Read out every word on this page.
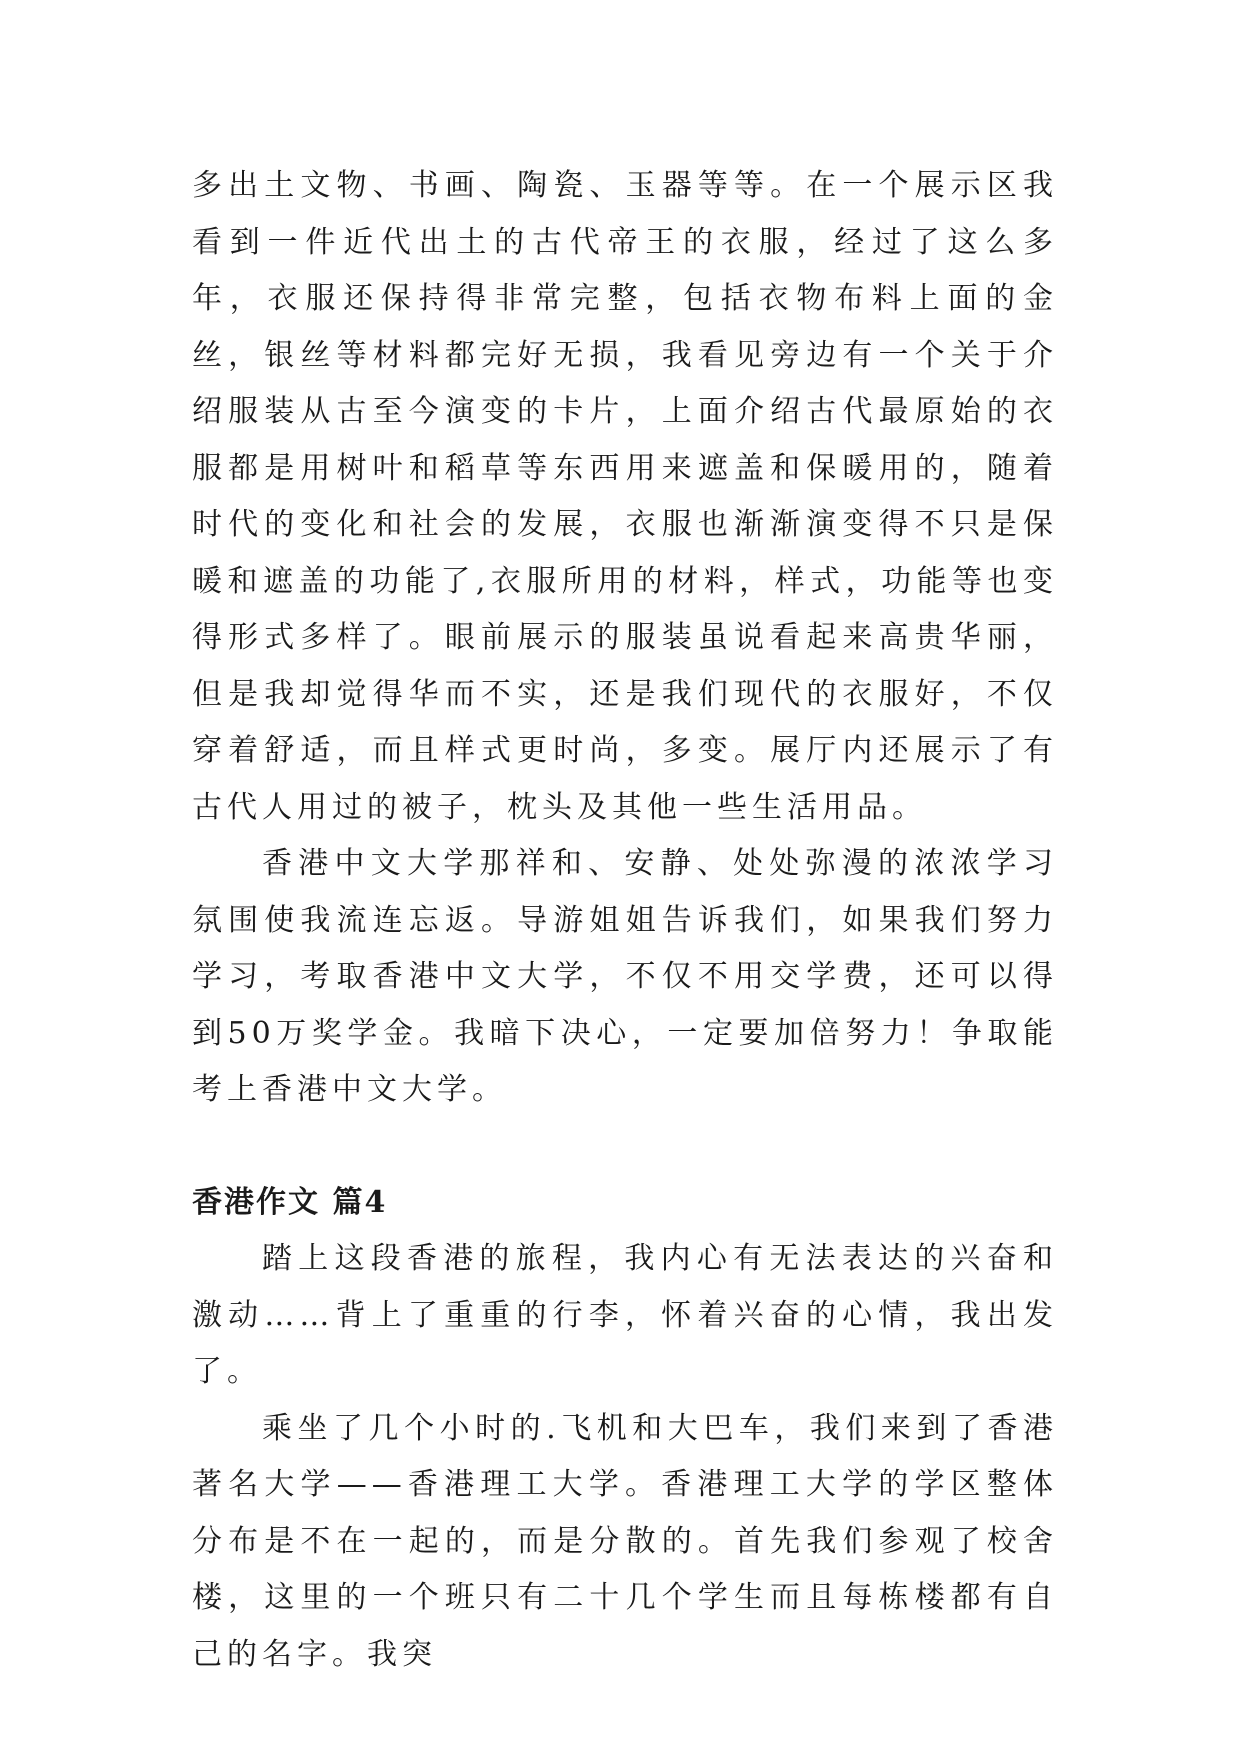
多出土文物、书画、陶瓷、玉器等等。在一个展示区我看到一件近代出土的古代帝王的衣服，经过了这么多年，衣服还保持得非常完整，包括衣物布料上面的金丝，银丝等材料都完好无损，我看见旁边有一个关于介绍服装从古至今演变的卡片，上面介绍古代最原始的衣服都是用树叶和稻草等东西用来遮盖和保暖用的，随着时代的变化和社会的发展，衣服也渐渐演变得不只是保暖和遮盖的功能了,衣服所用的材料，样式，功能等也变得形式多样了。眼前展示的服装虽说看起来高贵华丽，但是我却觉得华而不实，还是我们现代的衣服好，不仅穿着舒适，而且样式更时尚，多变。展厅内还展示了有古代人用过的被子，枕头及其他一些生活用品。

香港中文大学那祥和、安静、处处弥漫的浓浓学习氛围使我流连忘返。导游姐姐告诉我们，如果我们努力学习，考取香港中文大学，不仅不用交学费，还可以得到50万奖学金。我暗下决心，一定要加倍努力！争取能考上香港中文大学。

香港作文 篇4

踏上这段香港的旅程，我内心有无法表达的兴奋和激动……背上了重重的行李，怀着兴奋的心情，我出发了。

乘坐了几个小时的.飞机和大巴车，我们来到了香港著名大学——香港理工大学。香港理工大学的学区整体分布是不在一起的，而是分散的。首先我们参观了校舍楼，这里的一个班只有二十几个学生而且每栋楼都有自己的名字。我突
